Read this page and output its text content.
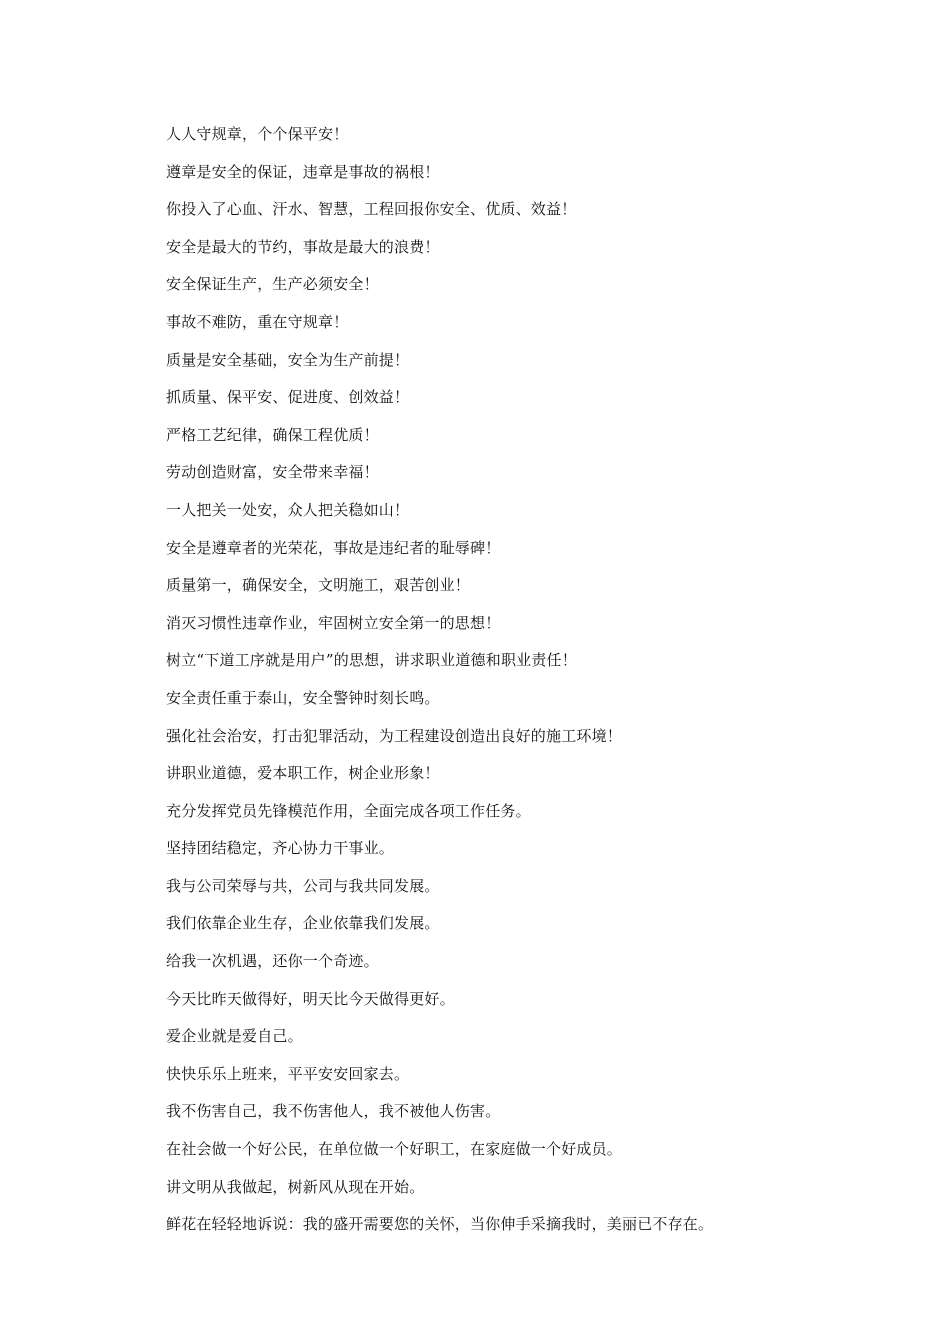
人人守规章，个个保平安！
遵章是安全的保证，违章是事故的祸根！
你投入了心血、汗水、智慧，工程回报你安全、优质、效益！
安全是最大的节约，事故是最大的浪费！
安全保证生产，生产必须安全！
事故不难防，重在守规章！
质量是安全基础，安全为生产前提！
抓质量、保平安、促进度、创效益！
严格工艺纪律，确保工程优质！
劳动创造财富，安全带来幸福！
一人把关一处安，众人把关稳如山！
安全是遵章者的光荣花，事故是违纪者的耻辱碑！
质量第一，确保安全，文明施工，艰苦创业！
消灭习惯性违章作业，牢固树立安全第一的思想！
树立“下道工序就是用户”的思想，讲求职业道德和职业责任！
安全责任重于泰山，安全警钟时刻长鸣。
强化社会治安，打击犯罪活动，为工程建设创造出良好的施工环境！
讲职业道德，爱本职工作，树企业形象！
充分发挥党员先锋模范作用，全面完成各项工作任务。
坚持团结稳定，齐心协力干事业。
我与公司荣辱与共，公司与我共同发展。
我们依靠企业生存，企业依靠我们发展。
给我一次机遇，还你一个奇迹。
今天比昨天做得好，明天比今天做得更好。
爱企业就是爱自己。
快快乐乐上班来，平平安安回家去。
我不伤害自己，我不伤害他人，我不被他人伤害。
在社会做一个好公民，在单位做一个好职工，在家庭做一个好成员。
讲文明从我做起，树新风从现在开始。
鲜花在轻轻地诉说：我的盛开需要您的关怀，当你伸手采摘我时，美丽已不存在。
